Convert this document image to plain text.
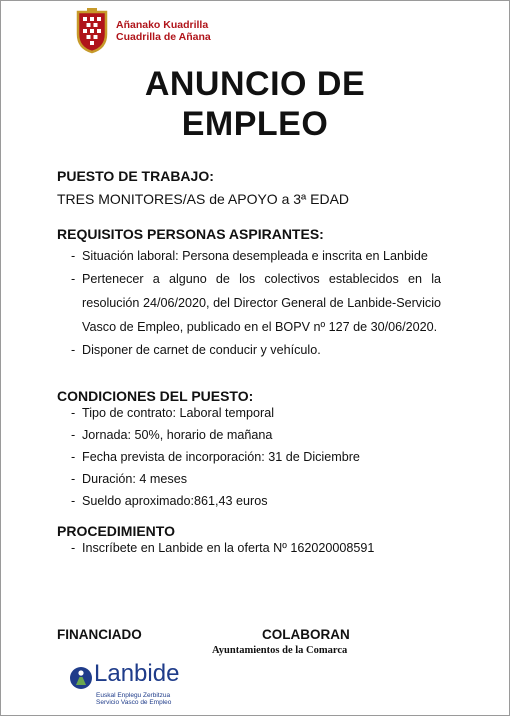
Añanako Kuadrilla
Cuadrilla de Añana
ANUNCIO DE
EMPLEO
PUESTO DE TRABAJO:
TRES MONITORES/AS de APOYO a 3ª EDAD
REQUISITOS PERSONAS ASPIRANTES:
- Situación laboral: Persona desempleada e inscrita en Lanbide
- Pertenecer a alguno de los colectivos establecidos en la resolución 24/06/2020, del Director General de Lanbide-Servicio Vasco de Empleo, publicado en el BOPV nº 127 de 30/06/2020.
- Disponer de carnet de conducir y vehículo.
CONDICIONES DEL PUESTO:
- Tipo de contrato: Laboral temporal
- Jornada: 50%, horario de mañana
- Fecha prevista de incorporación: 31 de Diciembre
- Duración: 4 meses
- Sueldo aproximado:861,43 euros
PROCEDIMIENTO
- Inscríbete en Lanbide en la oferta Nº 162020008591
FINANCIADO	COLABORAN
Ayuntamientos de la Comarca
Lanbide
Euskal Enplegu Zerbitzua
Servicio Vasco de Empleo
